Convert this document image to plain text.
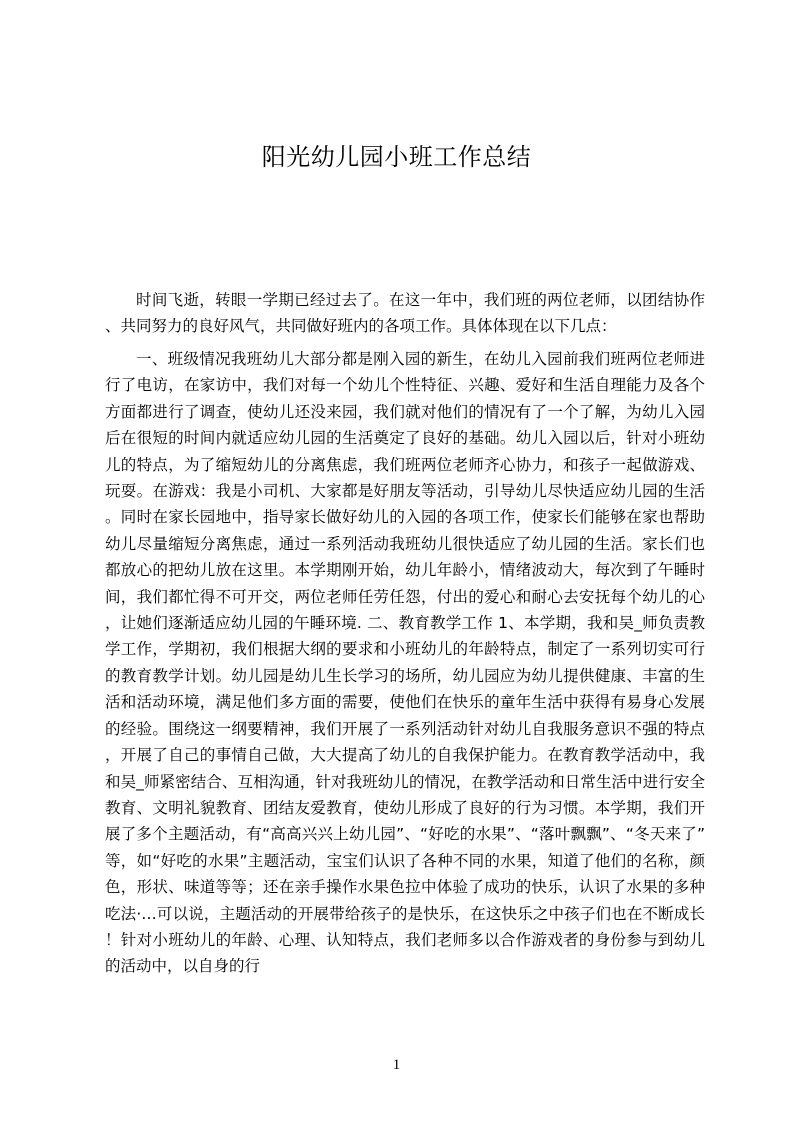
阳光幼儿园小班工作总结

时间飞逝，转眼一学期已经过去了。在这一年中，我们班的两位老师，以团结协作、共同努力的良好风气，共同做好班内的各项工作。具体体现在以下几点：

一、班级情况我班幼儿大部分都是刚入园的新生，在幼儿入园前我们班两位老师进行了电访，在家访中，我们对每一个幼儿个性特征、兴趣、爱好和生活自理能力及各个方面都进行了调查，使幼儿还没来园，我们就对他们的情况有了一个了解，为幼儿入园后在很短的时间内就适应幼儿园的生活奠定了良好的基础。幼儿入园以后，针对小班幼儿的特点，为了缩短幼儿的分离焦虑，我们班两位老师齐心协力，和孩子一起做游戏、玩耍。在游戏：我是小司机、大家都是好朋友等活动，引导幼儿尽快适应幼儿园的生活。同时在家长园地中，指导家长做好幼儿的入园的各项工作，使家长们能够在家也帮助幼儿尽量缩短分离焦虑，通过一系列活动我班幼儿很快适应了幼儿园的生活。家长们也都放心的把幼儿放在这里。本学期刚开始，幼儿年龄小，情绪波动大，每次到了午睡时间，我们都忙得不可开交，两位老师任劳任怨，付出的爱心和耐心去安抚每个幼儿的心，让她们逐渐适应幼儿园的午睡环境. 二、教育教学工作 1、本学期，我和吴_师负责教学工作，学期初，我们根据大纲的要求和小班幼儿的年龄特点，制定了一系列切实可行的教育教学计划。幼儿园是幼儿生长学习的场所，幼儿园应为幼儿提供健康、丰富的生活和活动环境，满足他们多方面的需要，使他们在快乐的童年生活中获得有易身心发展的经验。围绕这一纲要精神，我们开展了一系列活动针对幼儿自我服务意识不强的特点，开展了自己的事情自己做，大大提高了幼儿的自我保护能力。在教育教学活动中，我和吴_师紧密结合、互相沟通，针对我班幼儿的情况，在教学活动和日常生活中进行安全教育、文明礼貌教育、团结友爱教育，使幼儿形成了良好的行为习惯。本学期，我们开展了多个主题活动，有“高高兴兴上幼儿园”、“好吃的水果”、“落叶飘飘”、“冬天来了”等，如“好吃的水果”主题活动，宝宝们认识了各种不同的水果，知道了他们的名称，颜色，形状、味道等等；还在亲手操作水果色拉中体验了成功的快乐，认识了水果的多种吃法·…可以说，主题活动的开展带给孩子的是快乐，在这快乐之中孩子们也在不断成长！针对小班幼儿的年龄、心理、认知特点，我们老师多以合作游戏者的身份参与到幼儿的活动中，以自身的行

1
